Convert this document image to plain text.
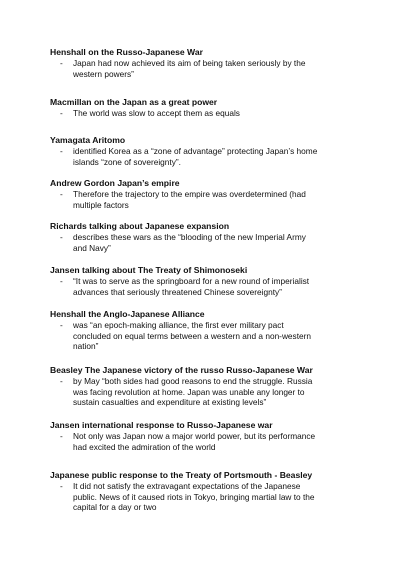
Henshall on the Russo-Japanese War

- Japan had now achieved its aim of being taken seriously by the
western powers”

Macmillan on the Japan as a great power

- The world was slow to accept them as equals

Yamagata Aritomo

- identified Korea as a “zone of advantage” protecting Japan’s home
islands “zone of sovereignty”.

Andrew Gordon Japan’s empire

- Therefore the trajectory to the empire was overdetermined (had
multiple factors

Richards talking about Japanese expansion

- describes these wars as the “blooding of the new Imperial Army
and Navy”

Jansen talking about The Treaty of Shimonoseki

- “It was to serve as the springboard for a new round of imperialist
advances that seriously threatened Chinese sovereignty”

Henshall the Anglo-Japanese Alliance

- was “an epoch-making alliance, the first ever military pact
concluded on equal terms between a western and a non-western
nation”

Beasley The Japanese victory of the russo Russo-Japanese War

- by May “both sides had good reasons to end the struggle. Russia
was facing revolution at home. Japan was unable any longer to
sustain casualties and expenditure at existing levels”

Jansen international response to Russo-Japanese war

- Not only was Japan now a major world power, but its performance
had excited the admiration of the world

Japanese public response to the Treaty of Portsmouth - Beasley

- It did not satisfy the extravagant expectations of the Japanese
public. News of it caused riots in Tokyo, bringing martial law to the
capital for a day or two
